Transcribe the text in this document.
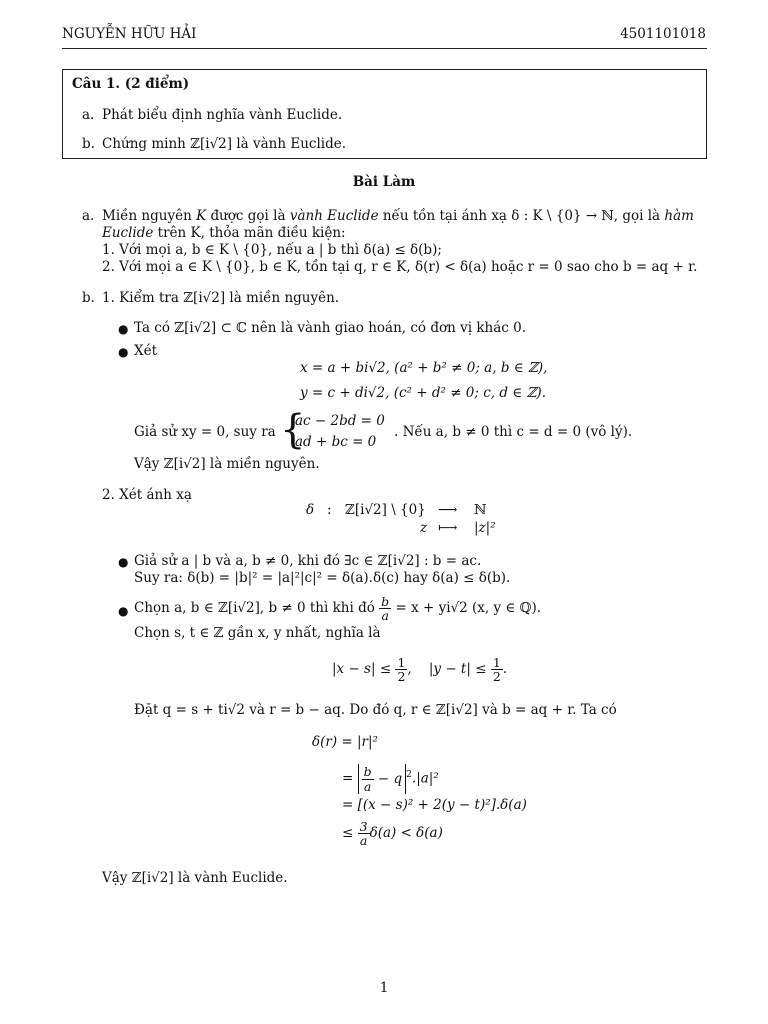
NGUYỄN HỮU HẢI	4501101018
Câu 1. (2 điểm)
a. Phát biểu định nghĩa vành Euclide.
b. Chứng minh ℤ[i√2] là vành Euclide.
Bài Làm
a. Miền nguyên K được gọi là vành Euclide nếu tồn tại ánh xạ δ : K \ {0} → ℕ, gọi là hàm
Euclide trên K, thỏa mãn điều kiện:
1. Với mọi a, b ∈ K \ {0}, nếu a | b thì δ(a) ≤ δ(b);
2. Với mọi a ∈ K \ {0}, b ∈ K, tồn tại q, r ∈ K, δ(r) < δ(a) hoặc r = 0 sao cho b = aq + r.
b. 1. Kiểm tra ℤ[i√2] là miền nguyên.
● Ta có ℤ[i√2] ⊂ ℂ nên là vành giao hoán, có đơn vị khác 0.
● Xét
x = a + bi√2, (a² + b² ≠ 0; a, b ∈ ℤ),
y = c + di√2, (c² + d² ≠ 0; c, d ∈ ℤ).
Giả sử xy = 0, suy ra {
ac − 2bd = 0
ad + bc = 0
. Nếu a, b ≠ 0 thì c = d = 0 (vô lý).
Vậy ℤ[i√2] là miền nguyên.
2. Xét ánh xạ
δ : ℤ[i√2] \ {0} ⟶ ℕ
z ⟼ |z|²
● Giả sử a | b và a, b ≠ 0, khi đó ∃c ∈ ℤ[i√2] : b = ac.
Suy ra: δ(b) = |b|² = |a|²|c|² = δ(a).δ(c) hay δ(a) ≤ δ(b).
● Chọn a, b ∈ ℤ[i√2], b ≠ 0 thì khi đó $\frac{b}{a} = x + yi√2$ (x, y ∈ ℚ).
Chọn s, t ∈ ℤ gần x, y nhất, nghĩa là
$|x - s| \le \frac{1}{2}$ ,    $|y - t| \le \frac{1}{2}$ .
Đặt q = s + ti√2 và r = b − aq. Do đó q, r ∈ ℤ[i√2] và b = aq + r. Ta có
δ(r) = |r|²
= $\frac{b}{a} - q$ $^2$.|a|²
= [(x − s)² + 2(y − t)²].δ(a)
≤ $\frac{3}{a} \delta(a) < \delta(a)$
Vậy ℤ[i√2] là vành Euclide.
1
